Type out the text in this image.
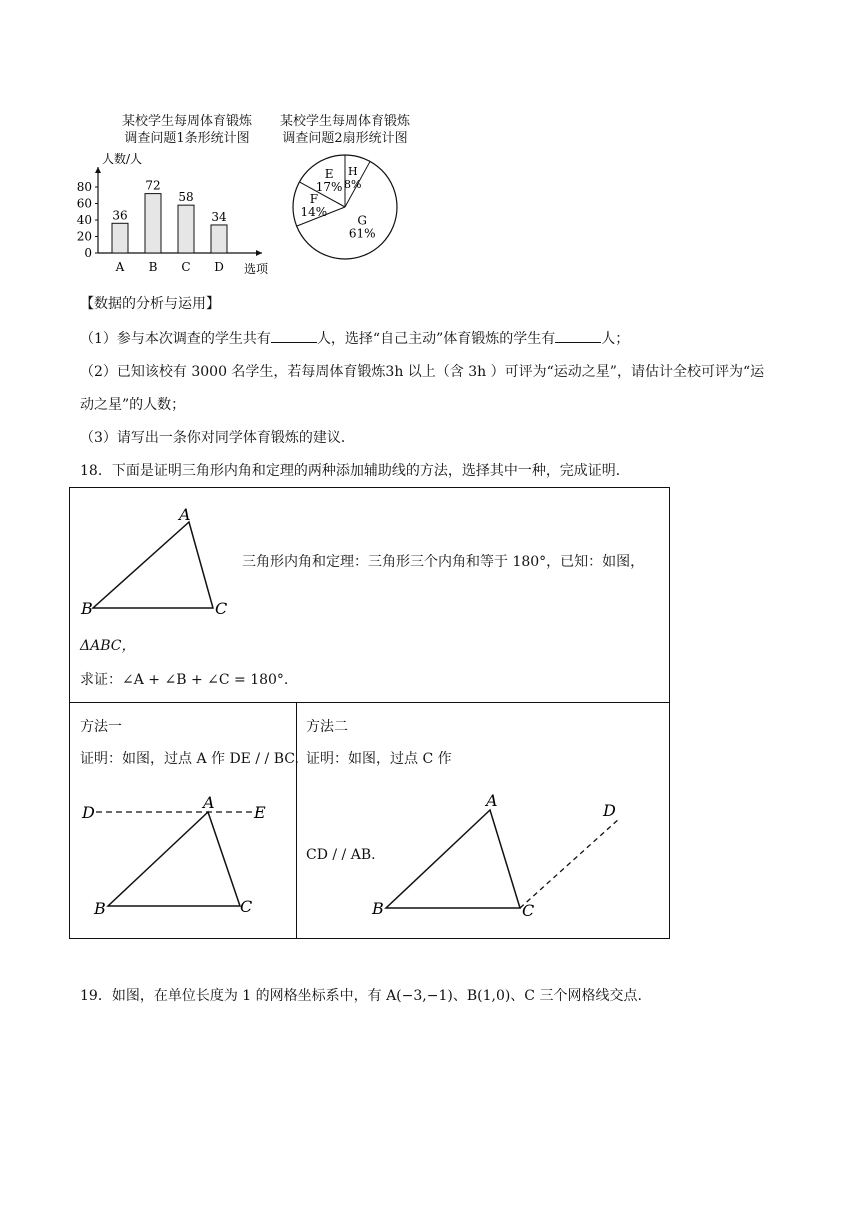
某校学生每周体育锻炼
调查问题1条形统计图
某校学生每周体育锻炼
调查问题2扇形统计图
人数/人
选项
0
20
40
60
80
36
A
72
B
58
C
34
D
H
8%
G
61%
F
14%
E
17%
【数据的分析与运用】
（1）参与本次调查的学生共有	人，选择“自己主动”体育锻炼的学生有	人；
（2）已知该校有 3000 名学生，若每周体育锻炼3h 以上（含 3h ）可评为“运动之星”，请估计全校可评为“运
动之星”的人数；
（3）请写出一条你对同学体育锻炼的建议．
18．下面是证明三角形内角和定理的两种添加辅助线的方法，选择其中一种，完成证明．
A
B	C
三角形内角和定理：三角形三个内角和等于 180°，已知：如图，
ΔABC，
求证：∠A + ∠B + ∠C = 180°.
方法一
证明：如图，过点 A 作 DE / / BC.
D
A
E
B	C
方法二
证明：如图，过点 C 作
CD / / AB.
A
B	C
D
19．如图，在单位长度为 1 的网格坐标系中，有 A(−3,−1)、B(1,0)、C 三个网格线交点.
